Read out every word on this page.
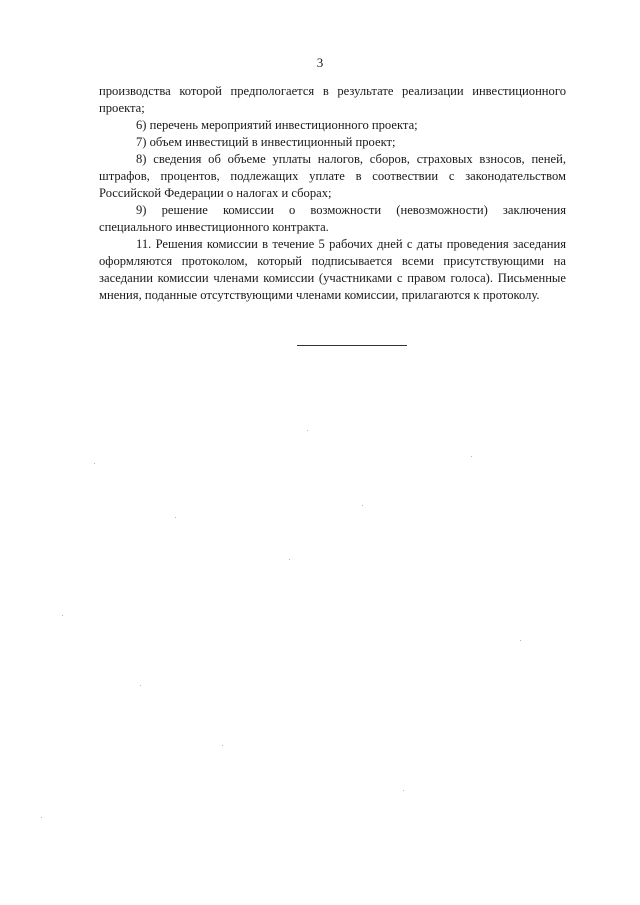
3

производства которой предпологается в результате реализации инвестиционного проекта;

6) перечень мероприятий инвестиционного проекта;

7) объем инвестиций в инвестиционный проект;

8) сведения об объеме уплаты налогов, сборов, страховых взносов, пеней, штрафов, процентов, подлежащих уплате в соотвествии с законодательством Российской Федерации о налогах и сборах;

9) решение комиссии о возможности (невозможности) заключения специального инвестиционного контракта.

11. Решения комиссии в течение 5 рабочих дней с даты проведения заседания оформляются протоколом, который подписывается всеми присутствующими на заседании комиссии членами комиссии (участниками с правом голоса). Письменные мнения, поданные отсутствующими членами комиссии, прилагаются к протоколу.
